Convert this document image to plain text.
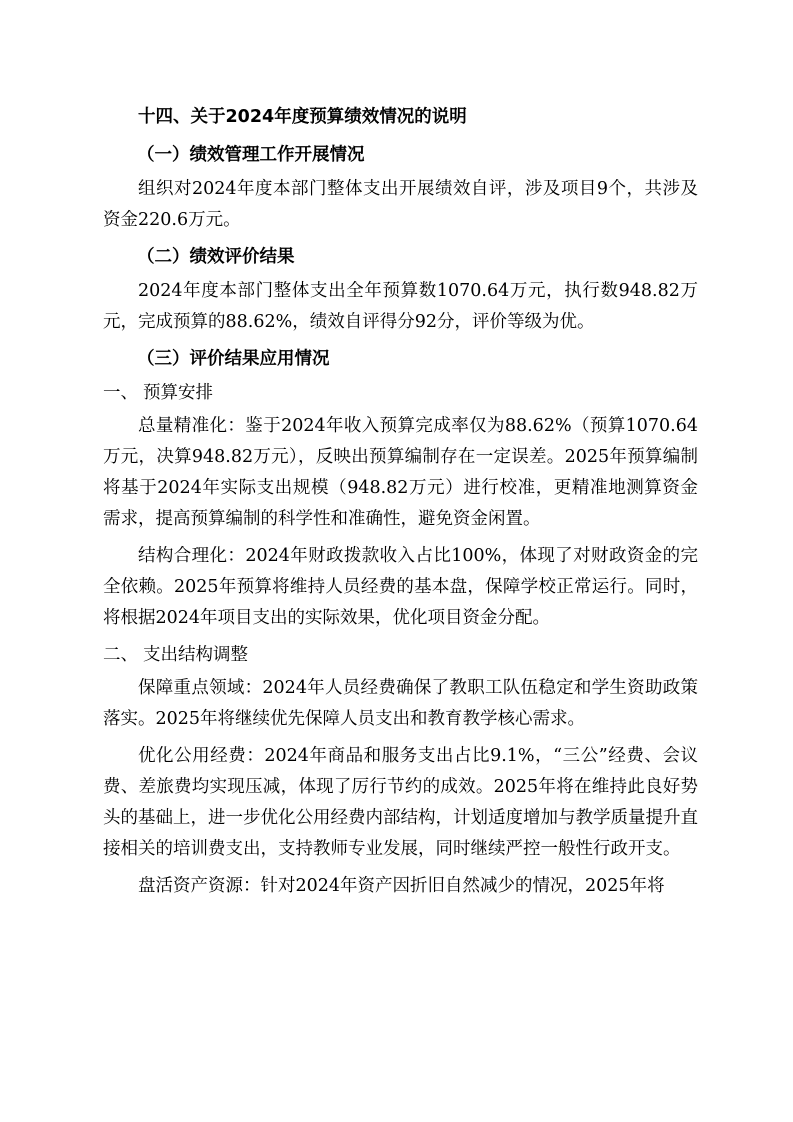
十四、关于2024年度预算绩效情况的说明

（一）绩效管理工作开展情况

组织对2024年度本部门整体支出开展绩效自评，涉及项目9个，共涉及资金220.6万元。

（二）绩效评价结果

2024年度本部门整体支出全年预算数1070.64万元，执行数948.82万元，完成预算的88.62%，绩效自评得分92分，评价等级为优。

（三）评价结果应用情况

一、 预算安排

总量精准化：鉴于2024年收入预算完成率仅为88.62%（预算1070.64万元，决算948.82万元），反映出预算编制存在一定误差。2025年预算编制将基于2024年实际支出规模（948.82万元）进行校准，更精准地测算资金需求，提高预算编制的科学性和准确性，避免资金闲置。

结构合理化：2024年财政拨款收入占比100%，体现了对财政资金的完全依赖。2025年预算将维持人员经费的基本盘，保障学校正常运行。同时，将根据2024年项目支出的实际效果，优化项目资金分配。

二、 支出结构调整

保障重点领域：2024年人员经费确保了教职工队伍稳定和学生资助政策落实。2025年将继续优先保障人员支出和教育教学核心需求。

优化公用经费：2024年商品和服务支出占比9.1%，“三公”经费、会议费、差旅费均实现压减，体现了厉行节约的成效。2025年将在维持此良好势头的基础上，进一步优化公用经费内部结构，计划适度增加与教学质量提升直接相关的培训费支出，支持教师专业发展，同时继续严控一般性行政开支。

盘活资产资源：针对2024年资产因折旧自然减少的情况，2025年将
